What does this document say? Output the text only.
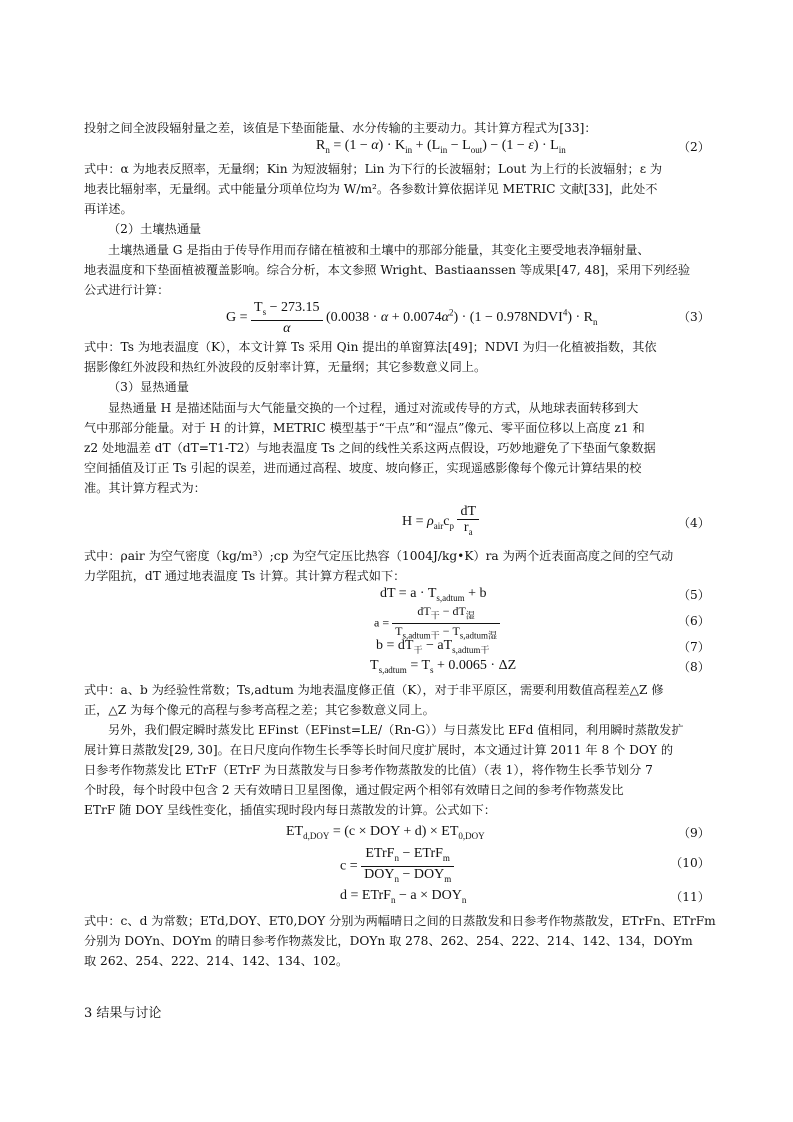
投射之间全波段辐射量之差，该值是下垫面能量、水分传输的主要动力。其计算方程式为[33]：
$R_n = (1 - \alpha) \cdot K_{in} + (L_{in} - L_{out}) - (1 - \varepsilon) \cdot L_{in}$	（2）
式中：α 为地表反照率，无量纲；Kin 为短波辐射；Lin 为下行的长波辐射；Lout 为上行的长波辐射；ε 为
地表比辐射率，无量纲。式中能量分项单位均为 W/m²。各参数计算依据详见 METRIC 文献[33]，此处不
再详述。
（2）土壤热通量
土壤热通量 G 是指由于传导作用而存储在植被和土壤中的那部分能量，其变化主要受地表净辐射量、
地表温度和下垫面植被覆盖影响。综合分析，本文参照 Wright、Bastiaanssen 等成果[47, 48]，采用下列经验
公式进行计算：
$G = \frac{T_s - 273.15}{\alpha} (0.0038 \cdot \alpha + 0.0074\alpha^2) \cdot (1$ − $0.978NDVI^4) \cdot R_n$	（3）
式中：Ts 为地表温度（K），本文计算 Ts 采用 Qin 提出的单窗算法[49]；NDVI 为归一化植被指数，其依
据影像红外波段和热红外波段的反射率计算，无量纲；其它参数意义同上。
（3）显热通量
显热通量 H 是描述陆面与大气能量交换的一个过程，通过对流或传导的方式，从地球表面转移到大
气中那部分能量。对于 H 的计算，METRIC 模型基于“干点”和“湿点”像元、零平面位移以上高度 z1 和
z2 处地温差 dT（dT=T1-T2）与地表温度 Ts 之间的线性关系这两点假设，巧妙地避免了下垫面气象数据
空间插值及订正 Ts 引起的误差，进而通过高程、坡度、坡向修正，实现遥感影像每个像元计算结果的校
准。其计算方程式为：
$H = \rho_{air}c_p \frac{dT}{r_a}$	（4）
式中：ρair 为空气密度（kg/m³）;cp 为空气定压比热容（1004J/kg•K）ra 为两个近表面高度之间的空气动
力学阻抗，dT 通过地表温度 Ts 计算。其计算方程式如下：
dT = $a \cdot T_{s,adtum} + b$	（5）
$a = \frac{dT_干 - dT_湿}{T_{s,adtum干} - T_{s,adtum湿}}$	（6）
$b = dT_干 - aT_{s,adtum干}$	（7）
$T_{s,adtum} = T_s + 0.0065 \cdot \Delta Z$	（8）
式中：a、b 为经验性常数；Ts,adtum 为地表温度修正值（K），对于非平原区，需要利用数值高程差△Z 修
正，△Z 为每个像元的高程与参考高程之差；其它参数意义同上。
另外，我们假定瞬时蒸发比 EFinst（EFinst=LE/（Rn-G））与日蒸发比 EFd 值相同，利用瞬时蒸散发扩
展计算日蒸散发[29, 30]。在日尺度向作物生长季等长时间尺度扩展时，本文通过计算 2011 年 8 个 DOY 的
日参考作物蒸发比 ETrF（ETrF 为日蒸散发与日参考作物蒸散发的比值）（表 1），将作物生长季节划分 7
个时段，每个时段中包含 2 天有效晴日卫星图像，通过假定两个相邻有效晴日之间的参考作物蒸发比
ETrF 随 DOY 呈线性变化，插值实现时段内每日蒸散发的计算。公式如下：
$ET_{d,DOY} = (c$ × DOY + $d) \times ET_{0,DOY}$	（9）
$c = \frac{ETrF_n - ETrF_m}{DOY_n - DOY_m}$	（10）
d = ETrF$_n$ − $a \times DOY_n$	（11）
式中：c、d 为常数；ETd,DOY、ET0,DOY 分别为两幅晴日之间的日蒸散发和日参考作物蒸散发，ETrFn、ETrFm
分别为 DOYn、DOYm 的晴日参考作物蒸发比，DOYn 取 278、262、254、222、214、142、134，DOYm
取 262、254、222、214、142、134、102。
3 结果与讨论
